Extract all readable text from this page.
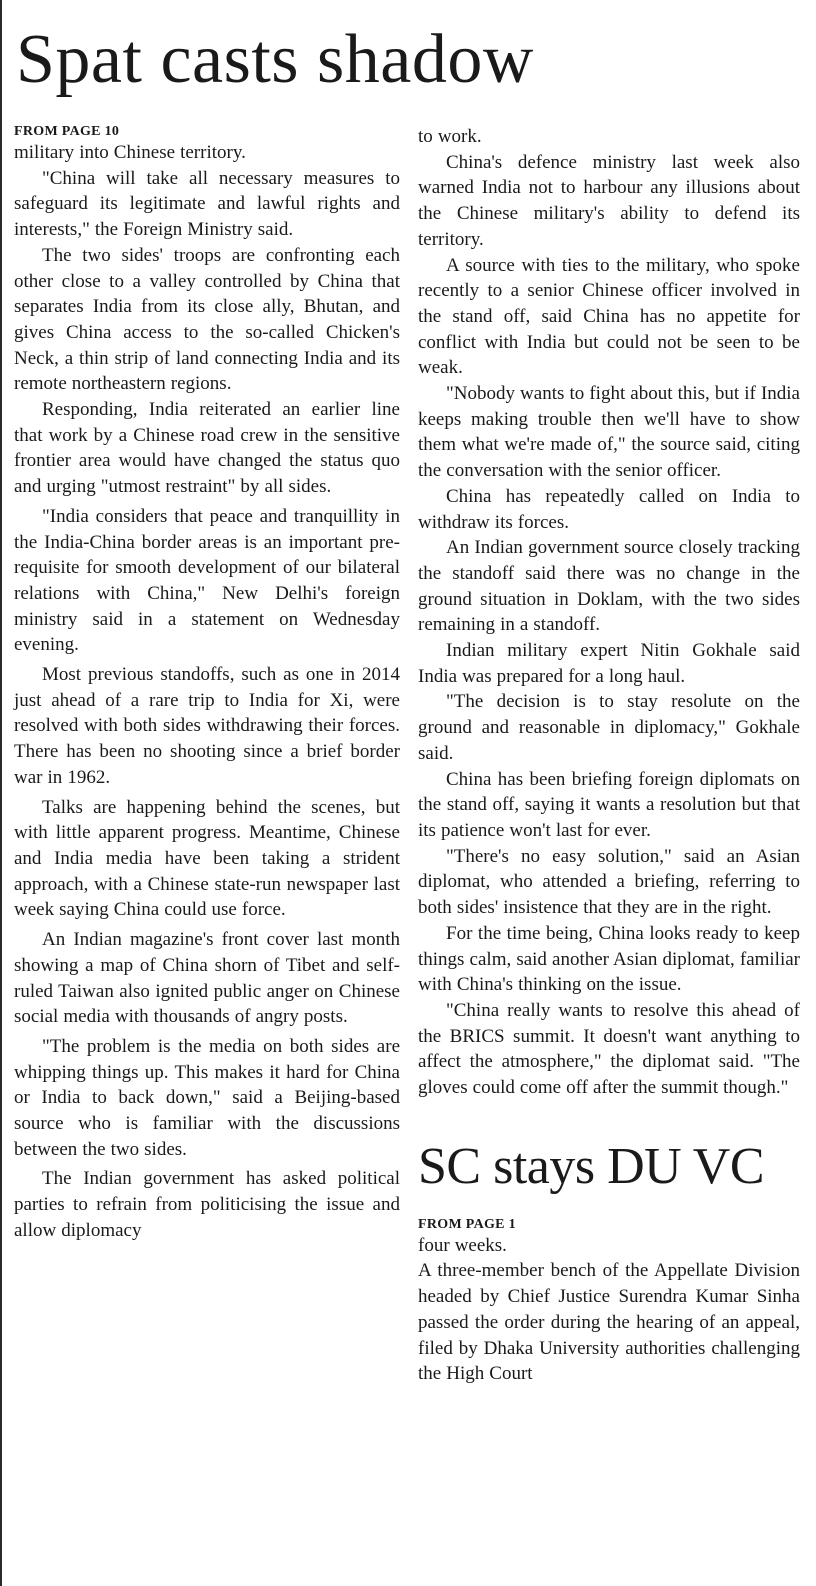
Spat casts shadow
FROM PAGE 10

military into Chinese territory.

"China will take all necessary measures to safeguard its legitimate and lawful rights and interests," the Foreign Ministry said.

The two sides' troops are confronting each other close to a valley controlled by China that separates India from its close ally, Bhutan, and gives China access to the so-called Chicken's Neck, a thin strip of land connecting India and its remote northeastern regions.

Responding, India reiterated an earlier line that work by a Chinese road crew in the sensitive frontier area would have changed the status quo and urging "utmost restraint" by all sides.

"India considers that peace and tranquillity in the India-China border areas is an important pre-requisite for smooth development of our bilateral relations with China," New Delhi's foreign ministry said in a statement on Wednesday evening.

Most previous standoffs, such as one in 2014 just ahead of a rare trip to India for Xi, were resolved with both sides withdrawing their forces. There has been no shooting since a brief border war in 1962.

Talks are happening behind the scenes, but with little apparent progress. Meantime, Chinese and India media have been taking a strident approach, with a Chinese state-run newspaper last week saying China could use force.

An Indian magazine's front cover last month showing a map of China shorn of Tibet and self-ruled Taiwan also ignited public anger on Chinese social media with thousands of angry posts.

"The problem is the media on both sides are whipping things up. This makes it hard for China or India to back down," said a Beijing-based source who is familiar with the discussions between the two sides.

The Indian government has asked political parties to refrain from politicising the issue and allow diplomacy

to work.

China's defence ministry last week also warned India not to harbour any illusions about the Chinese military's ability to defend its territory.

A source with ties to the military, who spoke recently to a senior Chinese officer involved in the stand off, said China has no appetite for conflict with India but could not be seen to be weak.

"Nobody wants to fight about this, but if India keeps making trouble then we'll have to show them what we're made of," the source said, citing the conversation with the senior officer.

China has repeatedly called on India to withdraw its forces.

An Indian government source closely tracking the standoff said there was no change in the ground situation in Doklam, with the two sides remaining in a standoff.

Indian military expert Nitin Gokhale said India was prepared for a long haul.

"The decision is to stay resolute on the ground and reasonable in diplomacy," Gokhale said.

China has been briefing foreign diplomats on the stand off, saying it wants a resolution but that its patience won't last for ever.

"There's no easy solution," said an Asian diplomat, who attended a briefing, referring to both sides' insistence that they are in the right.

For the time being, China looks ready to keep things calm, said another Asian diplomat, familiar with China's thinking on the issue.

"China really wants to resolve this ahead of the BRICS summit. It doesn't want anything to affect the atmosphere," the diplomat said. "The gloves could come off after the summit though."

SC stays DU VC
FROM PAGE 1

four weeks.

A three-member bench of the Appellate Division headed by Chief Justice Surendra Kumar Sinha passed the order during the hearing of an appeal, filed by Dhaka University authorities challenging the High Court
